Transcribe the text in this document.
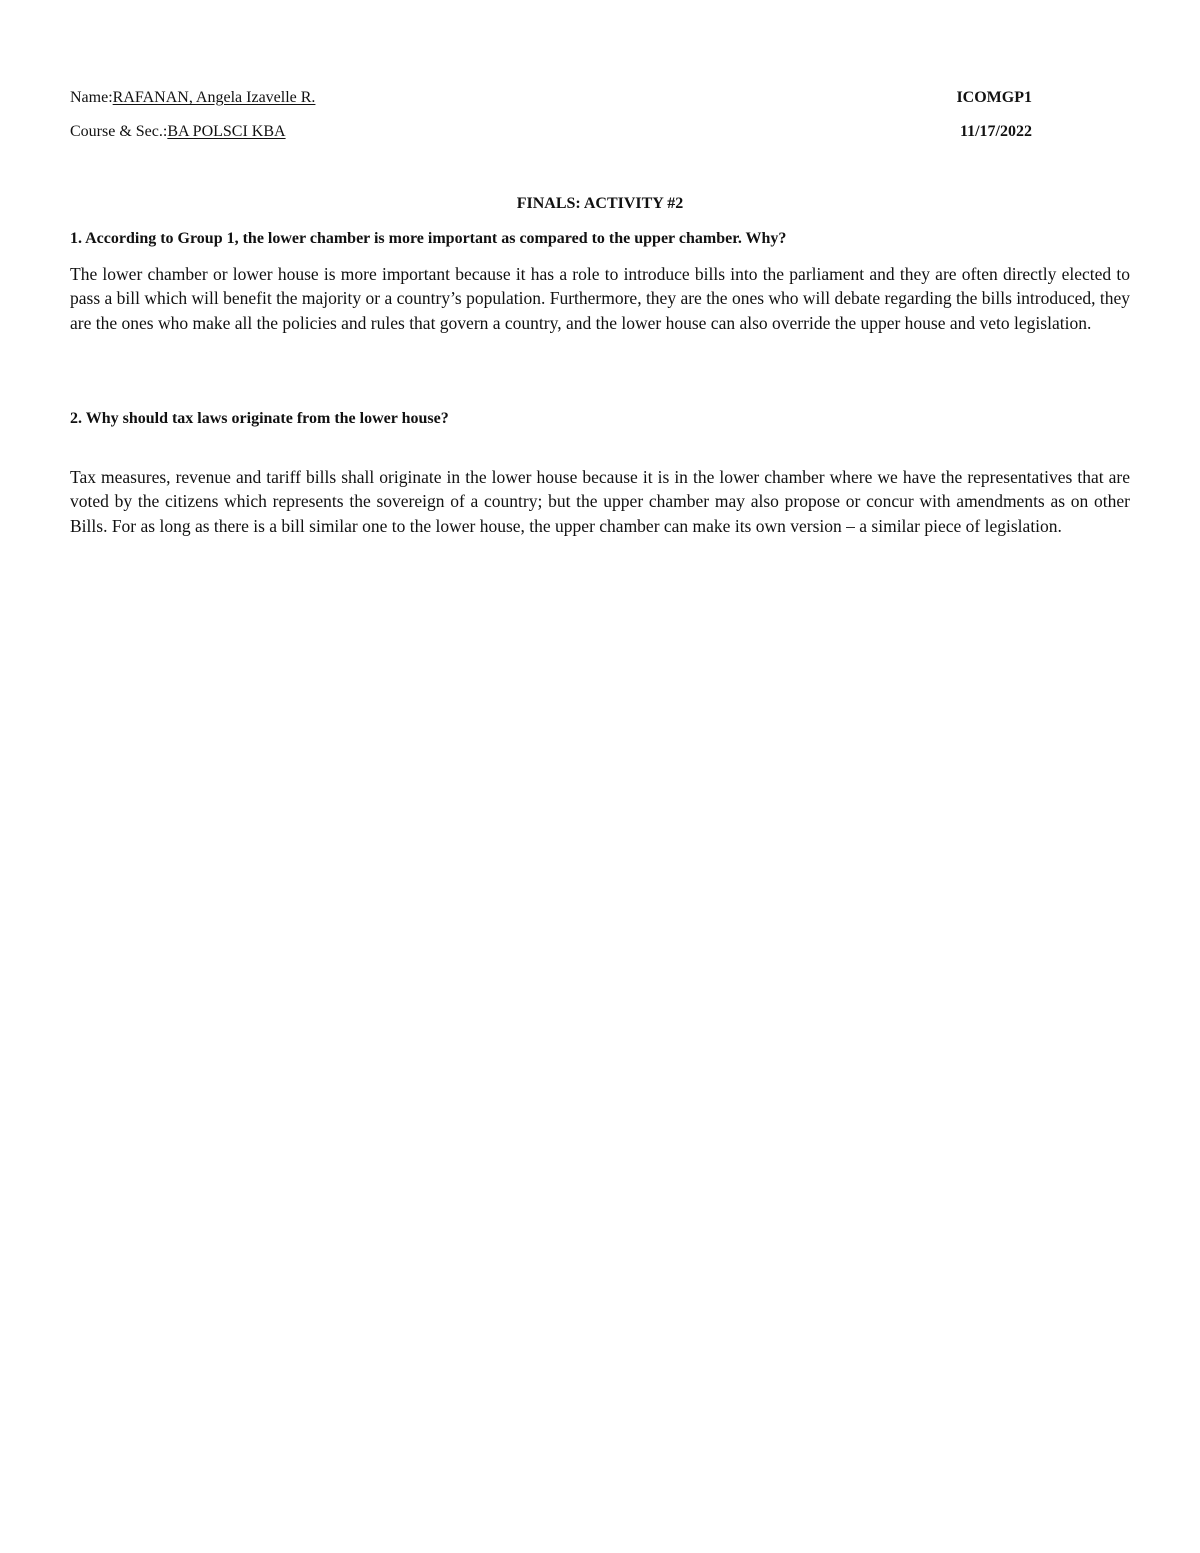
Name:RAFANAN, Angela Izavelle R.	ICOMGP1
Course & Sec.:BA POLSCI KBA	11/17/2022
FINALS: ACTIVITY #2
1. According to Group 1, the lower chamber is more important as compared to the upper chamber. Why?
The lower chamber or lower house is more important because it has a role to introduce bills into the parliament and they are often directly elected to pass a bill which will benefit the majority or a country’s population. Furthermore, they are the ones who will debate regarding the bills introduced, they are the ones who make all the policies and rules that govern a country, and the lower house can also override the upper house and veto legislation.
2. Why should tax laws originate from the lower house?
Tax measures, revenue and tariff bills shall originate in the lower house because it is in the lower chamber where we have the representatives that are voted by the citizens which represents the sovereign of a country; but the upper chamber may also propose or concur with amendments as on other Bills. For as long as there is a bill similar one to the lower house, the upper chamber can make its own version – a similar piece of legislation.
